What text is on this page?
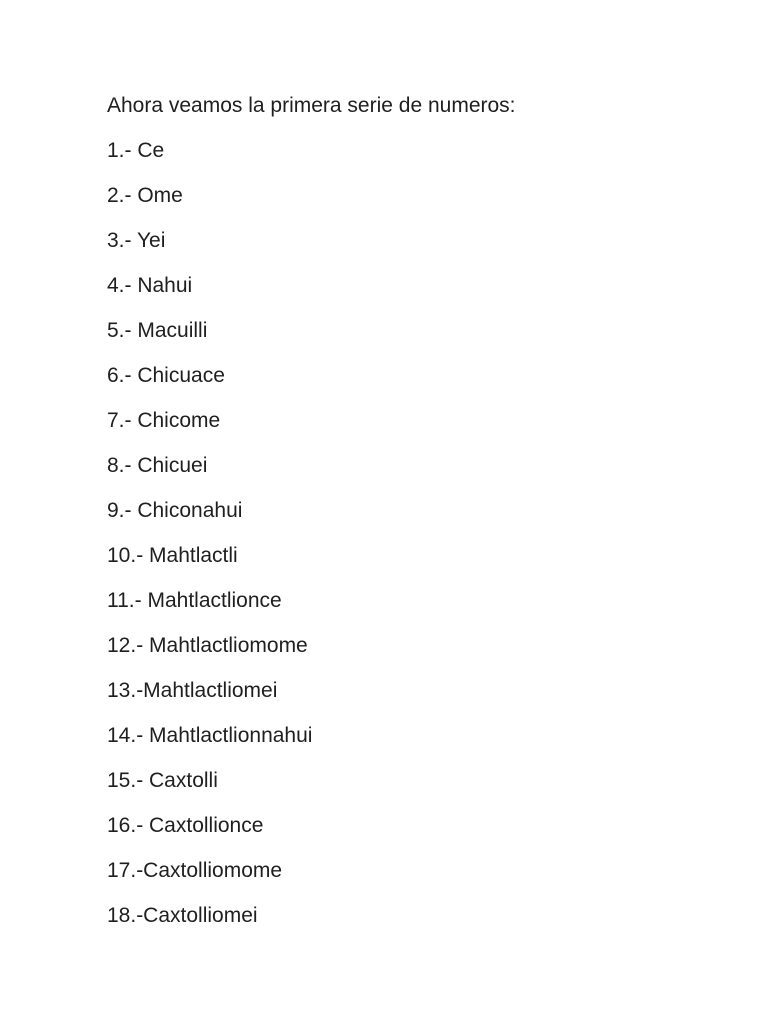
Ahora veamos la primera serie de numeros:

1.- Ce
2.- Ome
3.- Yei
4.- Nahui
5.- Macuilli
6.- Chicuace
7.- Chicome
8.- Chicuei
9.- Chiconahui
10.- Mahtlactli
11.- Mahtlactlionce
12.- Mahtlactliomome
13.-Mahtlactliomei
14.- Mahtlactlionnahui
15.- Caxtolli
16.- Caxtollionce
17.-Caxtolliomome
18.-Caxtolliomei
